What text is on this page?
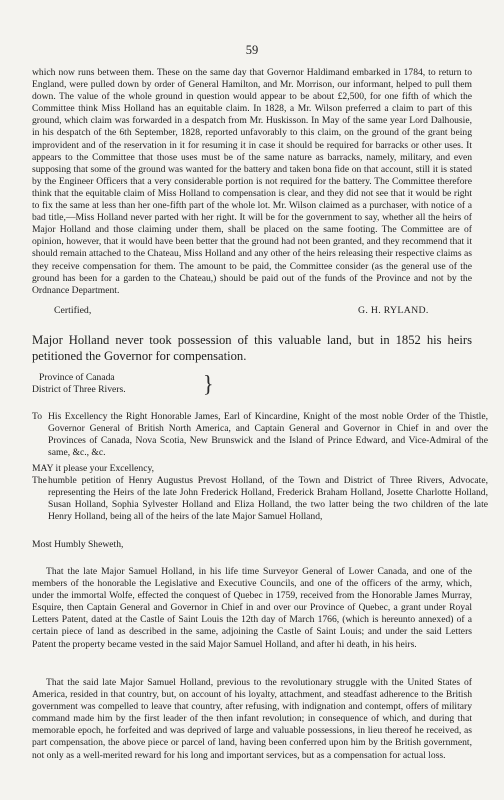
59
which now runs between them. These on the same day that Governor Haldimand embarked in 1784, to return to England, were pulled down by order of General Hamilton, and Mr. Morrison, our informant, helped to pull them down. The value of the whole ground in question would appear to be about £2,500, for one fifth of which the Committee think Miss Holland has an equitable claim. In 1828, a Mr. Wilson preferred a claim to part of this ground, which claim was forwarded in a despatch from Mr. Huskisson. In May of the same year Lord Dalhousie, in his despatch of the 6th September, 1828, reported unfavorably to this claim, on the ground of the grant being improvident and of the reservation in it for resuming it in case it should be required for barracks or other uses. It appears to the Committee that those uses must be of the same nature as barracks, namely, military, and even supposing that some of the ground was wanted for the battery and taken bona fide on that account, still it is stated by the Engineer Officers that a very considerable portion is not required for the battery. The Committee therefore think that the equitable claim of Miss Holland to compensation is clear, and they did not see that it would be right to fix the same at less than her one-fifth part of the whole lot. Mr. Wilson claimed as a purchaser, with notice of a bad title,—Miss Holland never parted with her right. It will be for the government to say, whether all the heirs of Major Holland and those claiming under them, shall be placed on the same footing. The Committee are of opinion, however, that it would have been better that the ground had not been granted, and they recommend that it should remain attached to the Chateau, Miss Holland and any other of the heirs releasing their respective claims as they receive compensation for them. The amount to be paid, the Committee consider (as the general use of the ground has been for a garden to the Chateau,) should be paid out of the funds of the Province and not by the Ordnance Department.
Certified,	G. H. RYLAND.
Major Holland never took possession of this valuable land, but in 1852 his heirs petitioned the Governor for compensation.
Province of Canada
District of Three Rivers.	}
To His Excellency the Right Honorable James, Earl of Kincardine, Knight of the most noble Order of the Thistle, Governor General of British North America, and Captain General and Governor in Chief in and over the Provinces of Canada, Nova Scotia, New Brunswick and the Island of Prince Edward, and Vice-Admiral of the same, &c., &c.
MAY it please your Excellency,
The humble petition of Henry Augustus Prevost Holland, of the Town and District of Three Rivers, Advocate, representing the Heirs of the late John Frederick Holland, Frederick Braham Holland, Josette Charlotte Holland, Susan Holland, Sophia Sylvester Holland and Eliza Holland, the two latter being the two children of the late Henry Holland, being all of the heirs of the late Major Samuel Holland,
Most Humbly Sheweth,
That the late Major Samuel Holland, in his life time Surveyor General of Lower Canada, and one of the members of the honorable the Legislative and Executive Councils, and one of the officers of the army, which, under the immortal Wolfe, effected the conquest of Quebec in 1759, received from the Honorable James Murray, Esquire, then Captain General and Governor in Chief in and over our Province of Quebec, a grant under Royal Letters Patent, dated at the Castle of Saint Louis the 12th day of March 1766, (which is hereunto annexed) of a certain piece of land as described in the same, adjoining the Castle of Saint Louis; and under the said Letters Patent the property became vested in the said Major Samuel Holland, and after hi death, in his heirs.
That the said late Major Samuel Holland, previous to the revolutionary struggle with the United States of America, resided in that country, but, on account of his loyalty, attachment, and steadfast adherence to the British government was compelled to leave that country, after refusing, with indignation and contempt, offers of military command made him by the first leader of the then infant revolution; in consequence of which, and during that memorable epoch, he forfeited and was deprived of large and valuable possessions, in lieu thereof he received, as part compensation, the above piece or parcel of land, having been conferred upon him by the British government, not only as a well-merited reward for his long and important services, but as a compensation for actual loss.
